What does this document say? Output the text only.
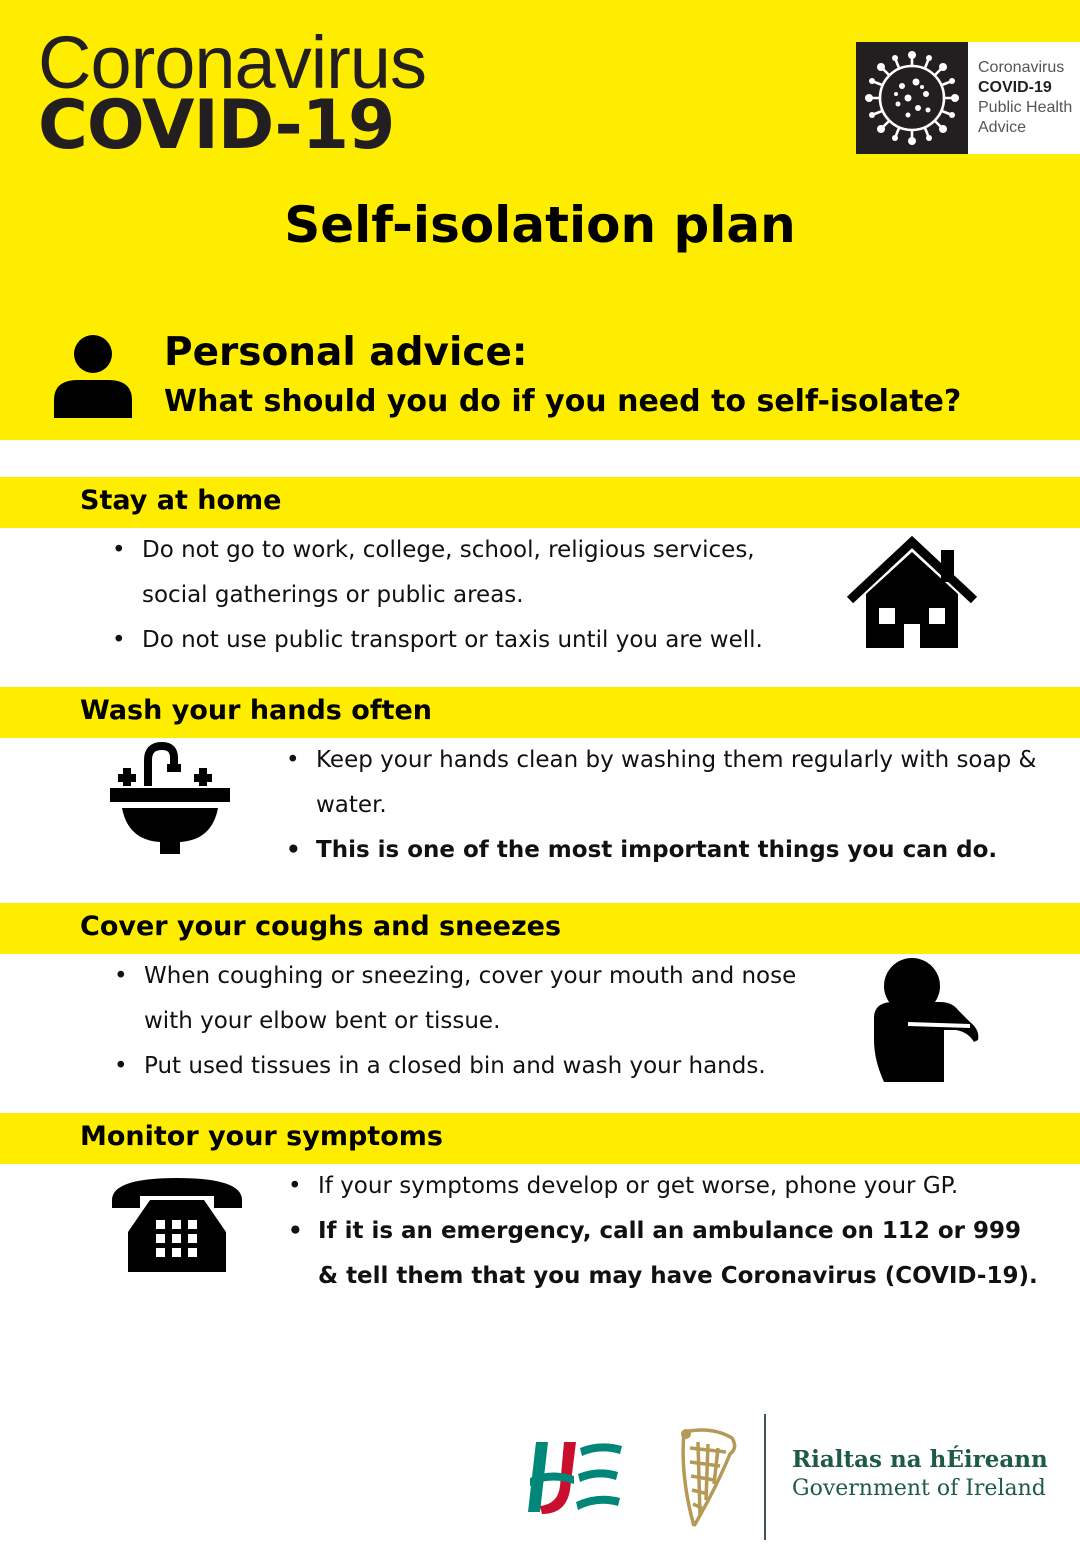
Coronavirus
COVID-19
Coronavirus
COVID-19
Public Health
Advice
Self-isolation plan
Personal advice:
What should you do if you need to self-isolate?
Stay at home
• Do not go to work, college, school, religious services, social gatherings or public areas.
• Do not use public transport or taxis until you are well.
Wash your hands often
• Keep your hands clean by washing them regularly with soap & water.
• This is one of the most important things you can do.
Cover your coughs and sneezes
• When coughing or sneezing, cover your mouth and nose with your elbow bent or tissue.
• Put used tissues in a closed bin and wash your hands.
Monitor your symptoms
• If your symptoms develop or get worse, phone your GP.
• If it is an emergency, call an ambulance on 112 or 999 & tell them that you may have Coronavirus (COVID-19).
Rialtas na hÉireann
Government of Ireland
